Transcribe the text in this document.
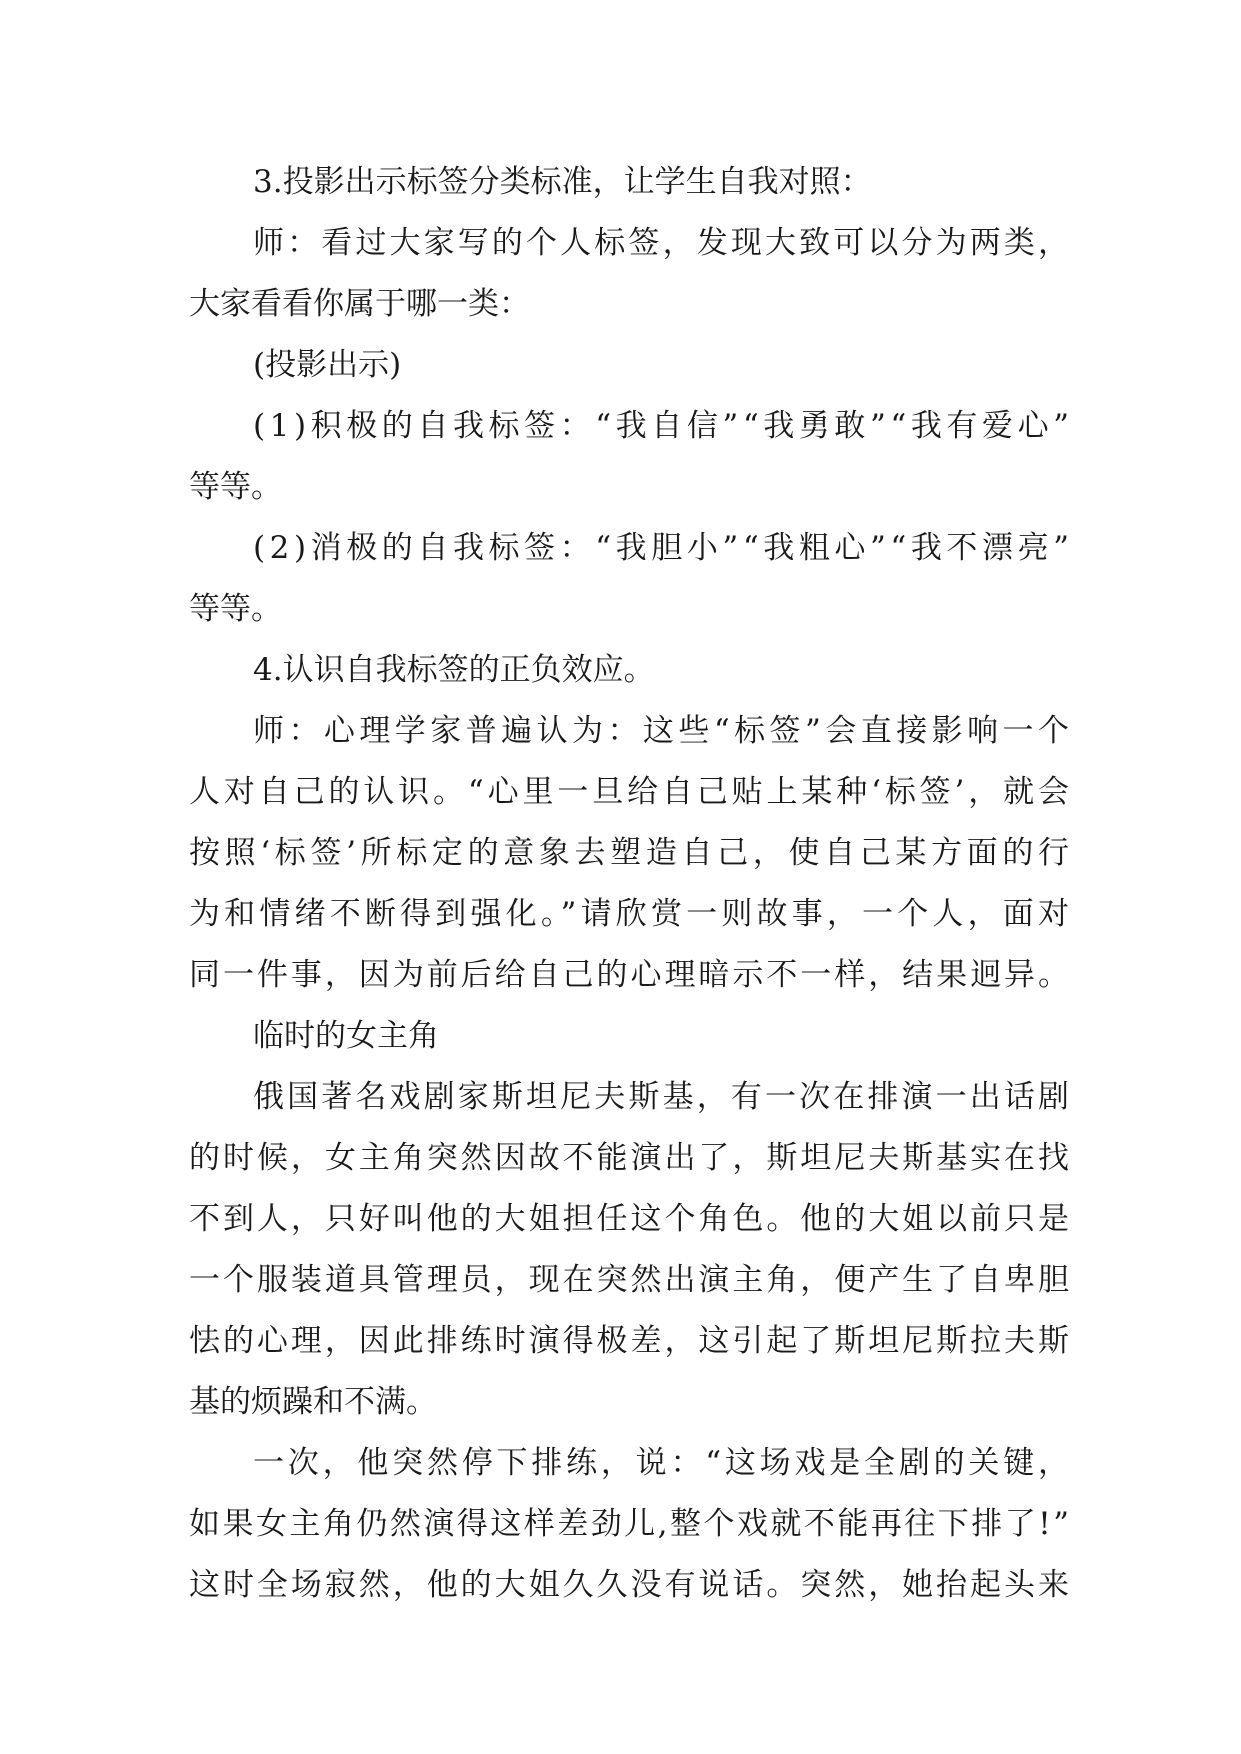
3.投影出示标签分类标准，让学生自我对照：
师：看过大家写的个人标签，发现大致可以分为两类，
大家看看你属于哪一类：
(投影出示)
(1)积极的自我标签：“我自信”“我勇敢”“我有爱心”
等等。
(2)消极的自我标签：“我胆小”“我粗心”“我不漂亮”
等等。
4.认识自我标签的正负效应。
师：心理学家普遍认为：这些“标签”会直接影响一个
人对自己的认识。“心里一旦给自己贴上某种‘标签’，就会
按照‘标签’所标定的意象去塑造自己，使自己某方面的行
为和情绪不断得到强化。”请欣赏一则故事，一个人，面对
同一件事，因为前后给自己的心理暗示不一样，结果迥异。
临时的女主角
俄国著名戏剧家斯坦尼夫斯基，有一次在排演一出话剧
的时候，女主角突然因故不能演出了，斯坦尼夫斯基实在找
不到人，只好叫他的大姐担任这个角色。他的大姐以前只是
一个服装道具管理员，现在突然出演主角，便产生了自卑胆
怯的心理，因此排练时演得极差，这引起了斯坦尼斯拉夫斯
基的烦躁和不满。
一次，他突然停下排练，说：“这场戏是全剧的关键，
如果女主角仍然演得这样差劲儿,整个戏就不能再往下排了!”
这时全场寂然，他的大姐久久没有说话。突然，她抬起头来
